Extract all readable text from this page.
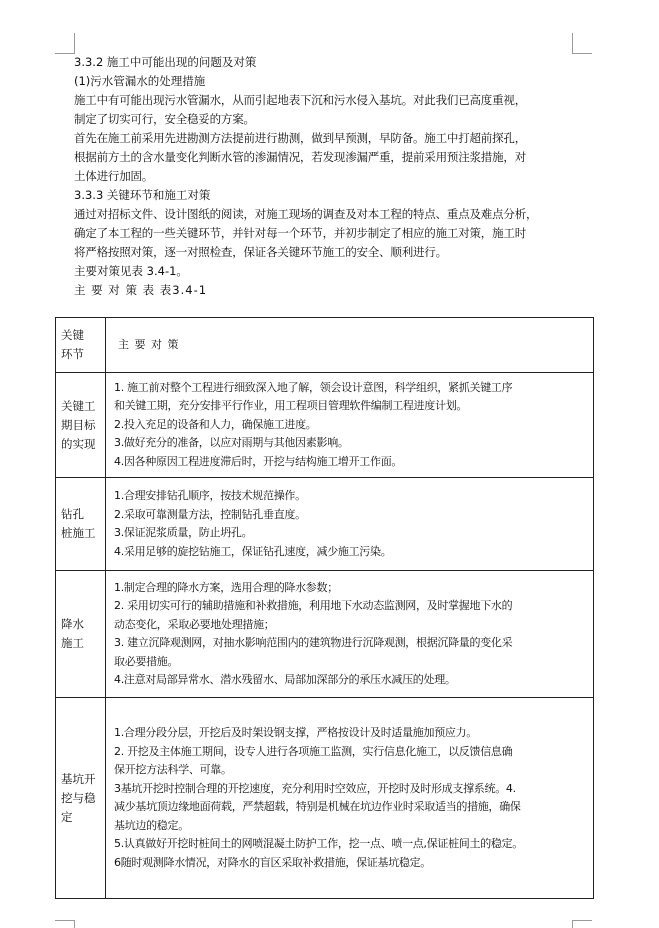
3.3.2 施工中可能出现的问题及对策
(1)污水管漏水的处理措施
施工中有可能出现污水管漏水，从而引起地表下沉和污水侵入基坑。对此我们已高度重视，
制定了切实可行，安全稳妥的方案。
首先在施工前采用先进勘测方法提前进行勘测，做到早预测，早防备。施工中打超前探孔，
根据前方土的含水量变化判断水管的渗漏情况，若发现渗漏严重，提前采用预注浆措施，对
土体进行加固。
3.3.3 关键环节和施工对策
通过对招标文件、设计图纸的阅读，对施工现场的调查及对本工程的特点、重点及难点分析，
确定了本工程的一些关键环节，并针对每一个环节，并初步制定了相应的施工对策，施工时
将严格按照对策，逐一对照检查，保证各关键环节施工的安全、顺利进行。
主要对策见表 3.4-1。
主 要 对 策 表 表3.4-1
关键
环节
主 要 对 策
关键工
期目标
的实现
1. 施工前对整个工程进行细致深入地了解，领会设计意图，科学组织，紧抓关键工序
和关键工期，充分安排平行作业，用工程项目管理软件编制工程进度计划。
2.投入充足的设备和人力，确保施工进度。
3.做好充分的准备，以应对雨期与其他因素影响。
4.因各种原因工程进度滞后时，开挖与结构施工增开工作面。
钻孔
桩施工
1.合理安排钻孔顺序，按技术规范操作。
2.采取可靠测量方法，控制钻孔垂直度。
3.保证泥浆质量，防止坍孔。
4.采用足够的旋挖钻施工，保证钻孔速度，减少施工污染。
降水
施工
1.制定合理的降水方案，选用合理的降水参数；
2. 采用切实可行的辅助措施和补救措施，利用地下水动态监测网，及时掌握地下水的
动态变化，采取必要地处理措施；
3. 建立沉降观测网，对抽水影响范围内的建筑物进行沉降观测，根据沉降量的变化采
取必要措施。
4.注意对局部异常水、潜水残留水、局部加深部分的承压水减压的处理。
基坑开
挖与稳
定
1.合理分段分层，开挖后及时架设钢支撑，严格按设计及时适量施加预应力。
2. 开挖及主体施工期间，设专人进行各项施工监测，实行信息化施工，以反馈信息确
保开挖方法科学、可靠。
3基坑开挖时控制合理的开挖速度，充分利用时空效应，开挖时及时形成支撑系统。4.
减少基坑顶边缘地面荷载，严禁超载，特别是机械在坑边作业时采取适当的措施，确保
基坑边的稳定。
5.认真做好开挖时桩间土的网喷混凝土防护工作，挖一点、喷一点,保证桩间土的稳定。
6随时观测降水情况，对降水的盲区采取补救措施，保证基坑稳定。
